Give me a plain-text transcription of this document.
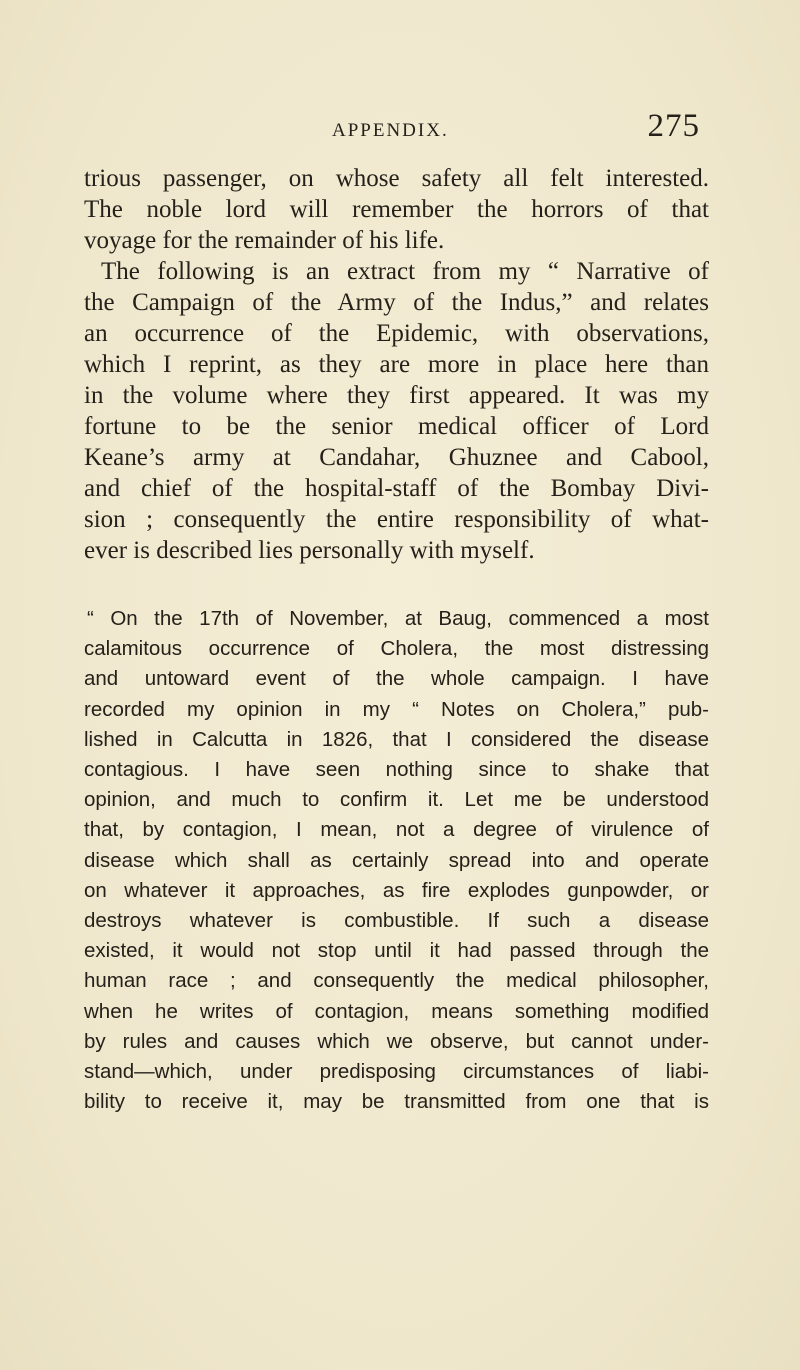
APPENDIX.	275
trious passenger, on whose safety all felt interested.
The noble lord will remember the horrors of that
voyage for the remainder of his life.
The following is an extract from my “ Narrative of
the Campaign of the Army of the Indus,” and relates
an occurrence of the Epidemic, with observations,
which I reprint, as they are more in place here than
in the volume where they first appeared. It was my
fortune to be the senior medical officer of Lord
Keane’s army at Candahar, Ghuznee and Cabool,
and chief of the hospital-staff of the Bombay Divi-
sion ; consequently the entire responsibility of what-
ever is described lies personally with myself.
“ On the 17th of November, at Baug, commenced a most
calamitous occurrence of Cholera, the most distressing
and untoward event of the whole campaign. I have
recorded my opinion in my “ Notes on Cholera,” pub-
lished in Calcutta in 1826, that I considered the disease
contagious. I have seen nothing since to shake that
opinion, and much to confirm it. Let me be understood
that, by contagion, I mean, not a degree of virulence of
disease which shall as certainly spread into and operate
on whatever it approaches, as fire explodes gunpowder, or
destroys whatever is combustible. If such a disease
existed, it would not stop until it had passed through the
human race ; and consequently the medical philosopher,
when he writes of contagion, means something modified
by rules and causes which we observe, but cannot under-
stand—which, under predisposing circumstances of liabi-
bility to receive it, may be transmitted from one that is
